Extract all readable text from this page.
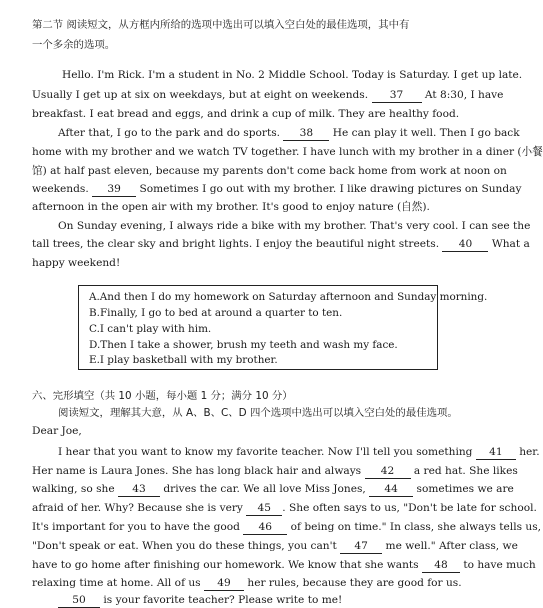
第二节 阅读短文，从方框内所给的选项中选出可以填入空白处的最佳选项，其中有
一个多余的选项。
Hello. I'm Rick. I'm a student in No. 2 Middle School. Today is Saturday. I get up late.
Usually I get up at six on weekdays, but at eight on weekends. 37 At 8:30, I have
breakfast. I eat bread and eggs, and drink a cup of milk. They are healthy food.
After that, I go to the park and do sports. 38 He can play it well. Then I go back
home with my brother and we watch TV together. I have lunch with my brother in a diner (小餐
馆) at half past eleven, because my parents don't come back home from work at noon on
weekends. 39 Sometimes I go out with my brother. I like drawing pictures on Sunday
afternoon in the open air with my brother. It's good to enjoy nature (自然).
On Sunday evening, I always ride a bike with my brother. That's very cool. I can see the
tall trees, the clear sky and bright lights. I enjoy the beautiful night streets. 40 What a
happy weekend!
A.And then I do my homework on Saturday afternoon and Sunday morning.
B.Finally, I go to bed at around a quarter to ten.
C.I can't play with him.
D.Then I take a shower, brush my teeth and wash my face.
E.I play basketball with my brother.
六、完形填空（共 10 小题，每小题 1 分；满分 10 分）
阅读短文，理解其大意，从 A、B、C、D 四个选项中选出可以填入空白处的最佳选项。
Dear Joe,
I hear that you want to know my favorite teacher. Now I'll tell you something 41 her.
Her name is Laura Jones. She has long black hair and always 42 a red hat. She likes
walking, so she 43 drives the car. We all love Miss Jones, 44 sometimes we are
afraid of her. Why? Because she is very 45 . She often says to us, "Don't be late for school.
It's important for you to have the good 46 of being on time." In class, she always tells us,
"Don't speak or eat. When you do these things, you can't 47 me well." After class, we
have to go home after finishing our homework. We know that she wants 48 to have much
relaxing time at home. All of us 49 her rules, because they are good for us.
50 is your favorite teacher? Please write to me!
